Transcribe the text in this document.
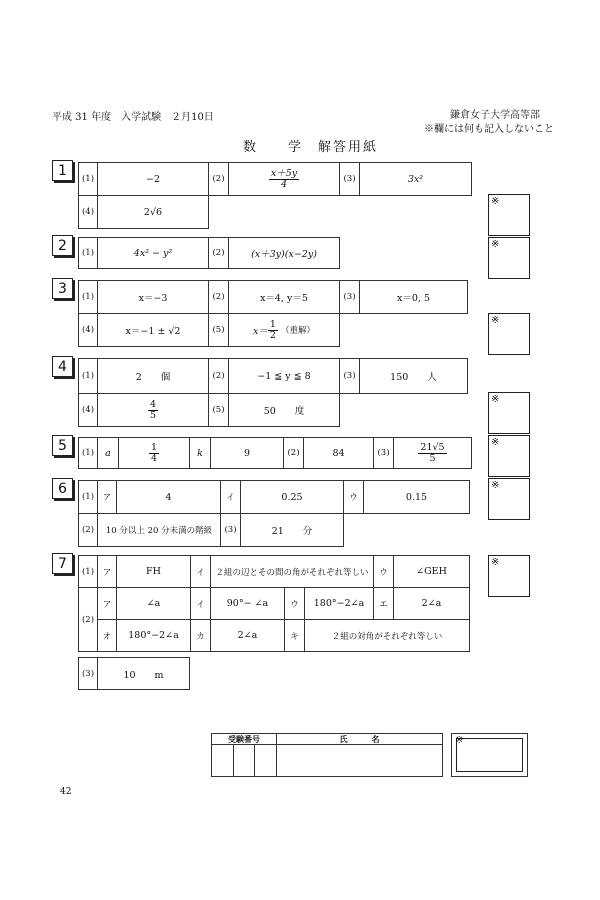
平成 31 年度　入学試験　２月10日	鎌倉女子大学高等部
※欄には何も記入しないこと
数　　学　解答用紙
1
(1)	−2	(2)	$\frac{x+5y}{4}$	(3)	3x²
(4)	2√6
※
2	(1)	4x² − y²	(2)	(x＋3y)(x−2y)
※
3
(1)	x＝−3	(2)	x＝4, y＝5	(3)	x＝0, 5
(4)	x＝−1 ± √2	(5)	$x= \frac{1}{2}$ （重解）
※
4
(1)	2　　個	(2)	−1 ≦ y ≦ 8	(3)	150　　人
(4)	$\frac{4}{5}$	(5)	50　　度
※
5	(1)	a	$\frac{1}{4}$	k	9	(2)	84	(3)	$\frac{21√5}{5}$
※
6
(1)	ア	4	イ	0.25	ウ	0.15
(2)	10 分以上 20 分未満の階級	(3)	21　　分
※
7	(1)	ア	FH	イ	２組の辺とその間の角がそれぞれ等しい	ウ	∠GEH
(2)
ア	∠a	イ	90°− ∠a	ウ	180°−2∠a	エ	2∠a
オ	180°−2∠a	カ	2∠a	キ	２組の対角がそれぞれ等しい
(3)	10　　m
※
受験番号	氏　　　名	※
42
